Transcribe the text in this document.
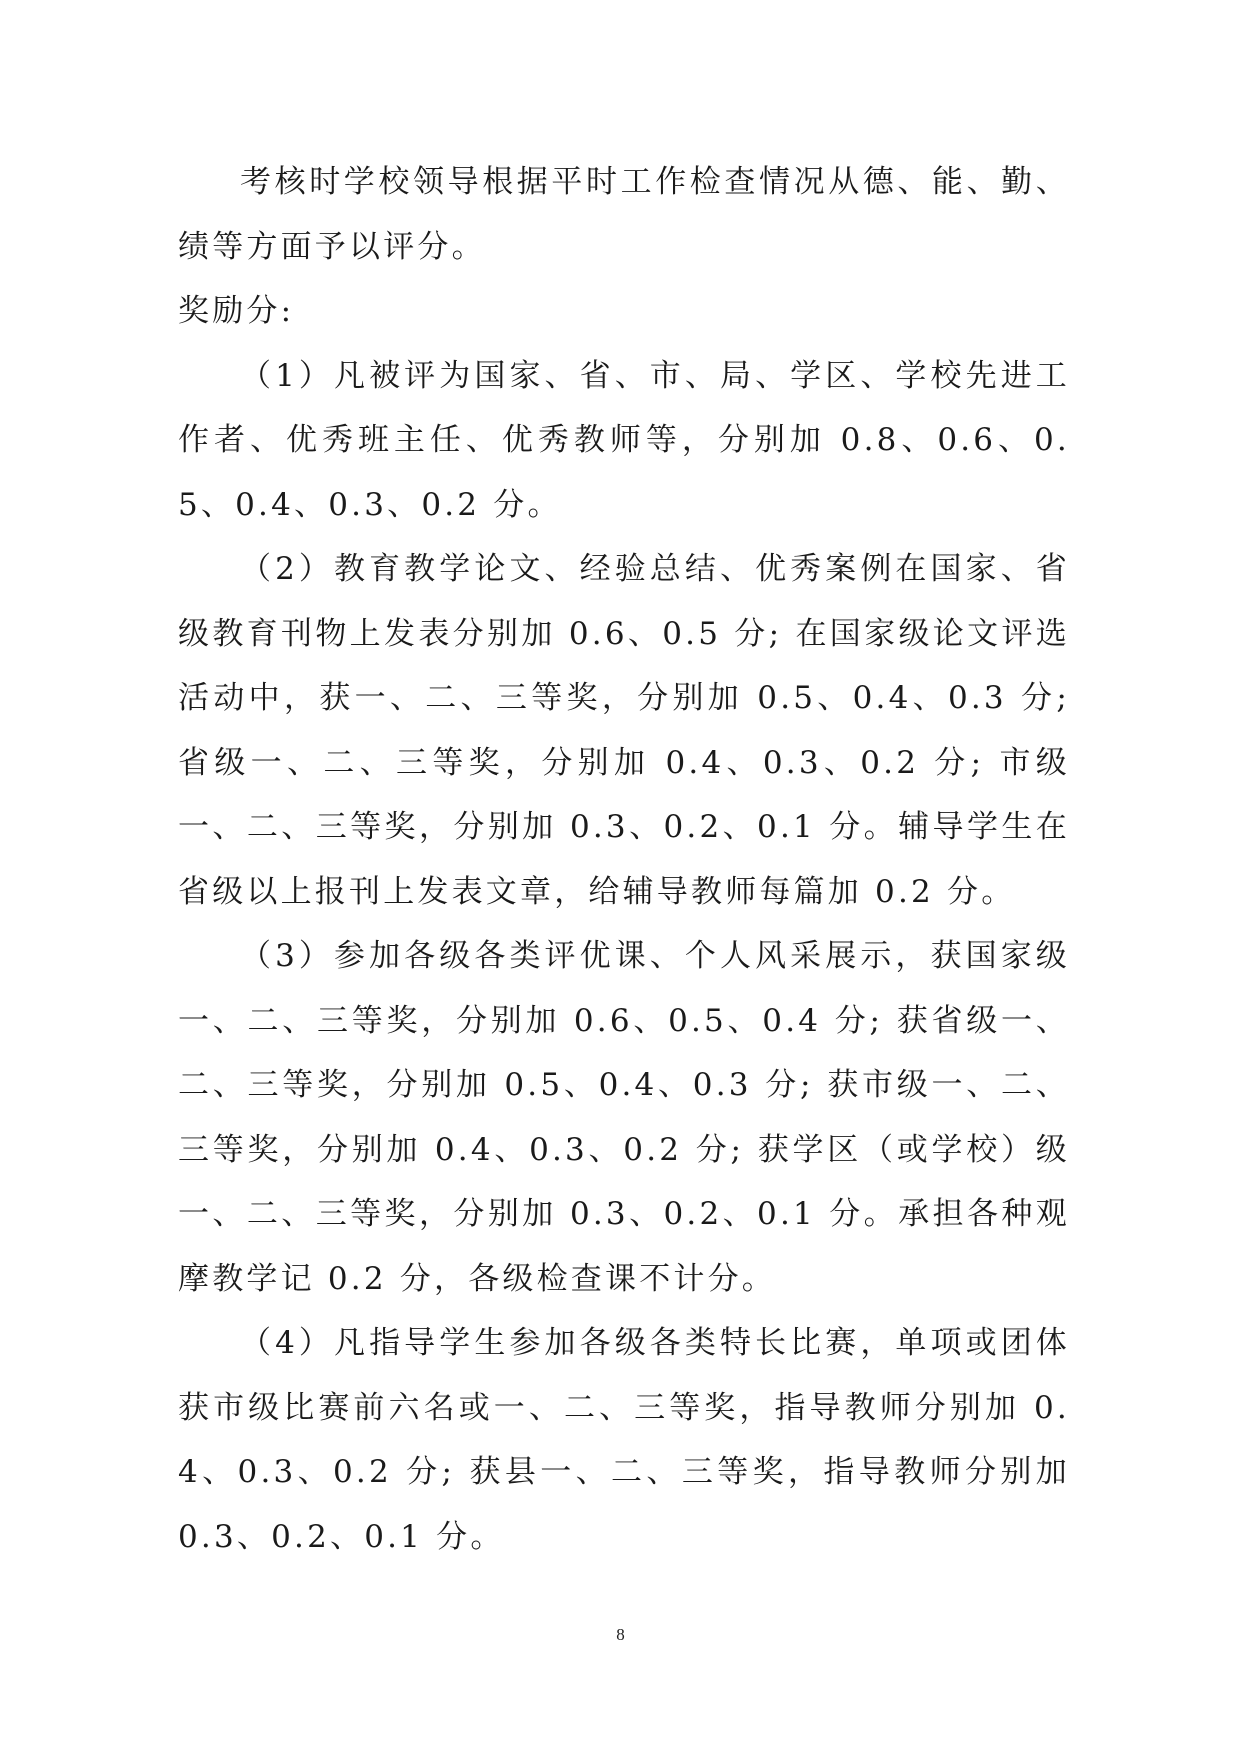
考核时学校领导根据平时工作检查情况从德、能、勤、绩等方面予以评分。

奖励分:

（1）凡被评为国家、省、市、局、学区、学校先进工作者、优秀班主任、优秀教师等，分别加 0.8、0.6、0.5、0.4、0.3、0.2 分。

（2）教育教学论文、经验总结、优秀案例在国家、省级教育刊物上发表分别加 0.6、0.5 分; 在国家级论文评选活动中，获一、二、三等奖，分别加 0.5、0.4、0.3 分; 省级一、二、三等奖，分别加 0.4、0.3、0.2 分; 市级一、二、三等奖，分别加 0.3、0.2、0.1 分。辅导学生在省级以上报刊上发表文章，给辅导教师每篇加 0.2 分。

（3）参加各级各类评优课、个人风采展示，获国家级一、二、三等奖，分别加 0.6、0.5、0.4 分; 获省级一、二、三等奖，分别加 0.5、0.4、0.3 分; 获市级一、二、三等奖，分别加 0.4、0.3、0.2 分; 获学区（或学校）级一、二、三等奖，分别加 0.3、0.2、0.1 分。承担各种观摩教学记 0.2 分，各级检查课不计分。

（4）凡指导学生参加各级各类特长比赛，单项或团体获市级比赛前六名或一、二、三等奖，指导教师分别加 0.4、0.3、0.2 分; 获县一、二、三等奖，指导教师分别加 0.3、0.2、0.1 分。

8
